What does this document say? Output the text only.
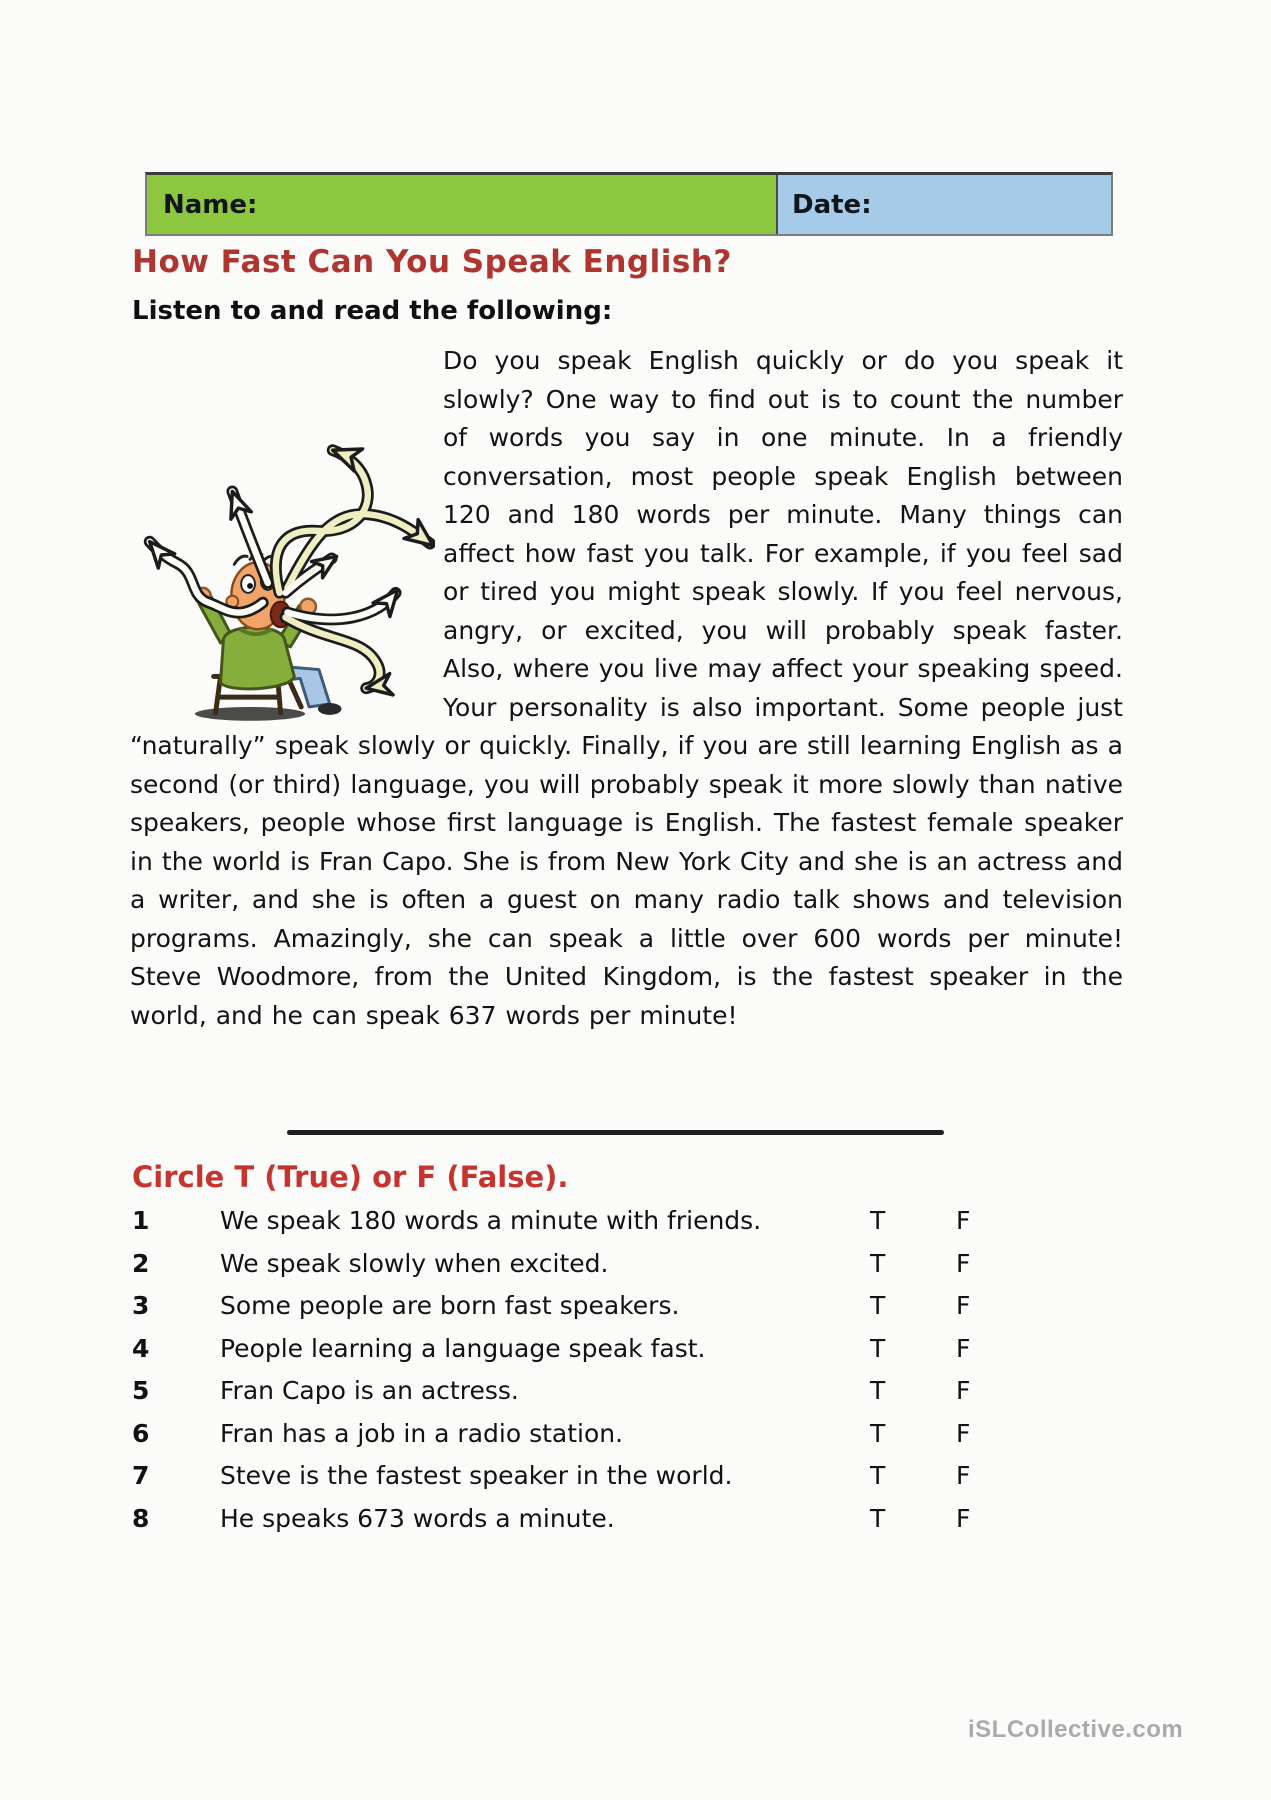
Name:	Date:
How Fast Can You Speak English?
Listen to and read the following:

Do you speak English quickly or do you speak it slowly? One way to find out is to count the number of words you say in one minute. In a friendly conversation, most people speak English between 120 and 180 words per minute. Many things can affect how fast you talk. For example, if you feel sad or tired you might speak slowly. If you feel nervous, angry, or excited, you will probably speak faster. Also, where you live may affect your speaking speed. Your personality is also important. Some people just “naturally” speak slowly or quickly. Finally, if you are still learning English as a second (or third) language, you will probably speak it more slowly than native speakers, people whose first language is English. The fastest female speaker in the world is Fran Capo. She is from New York City and she is an actress and a writer, and she is often a guest on many radio talk shows and television programs. Amazingly, she can speak a little over 600 words per minute! Steve Woodmore, from the United Kingdom, is the fastest speaker in the world, and he can speak 637 words per minute!

Circle T (True) or F (False).
1	We speak 180 words a minute with friends.	T	F
2	We speak slowly when excited.	T	F
3	Some people are born fast speakers.	T	F
4	People learning a language speak fast.	T	F
5	Fran Capo is an actress.	T	F
6	Fran has a job in a radio station.	T	F
7	Steve is the fastest speaker in the world.	T	F
8	He speaks 673 words a minute.	T	F
iSLCollective.com
